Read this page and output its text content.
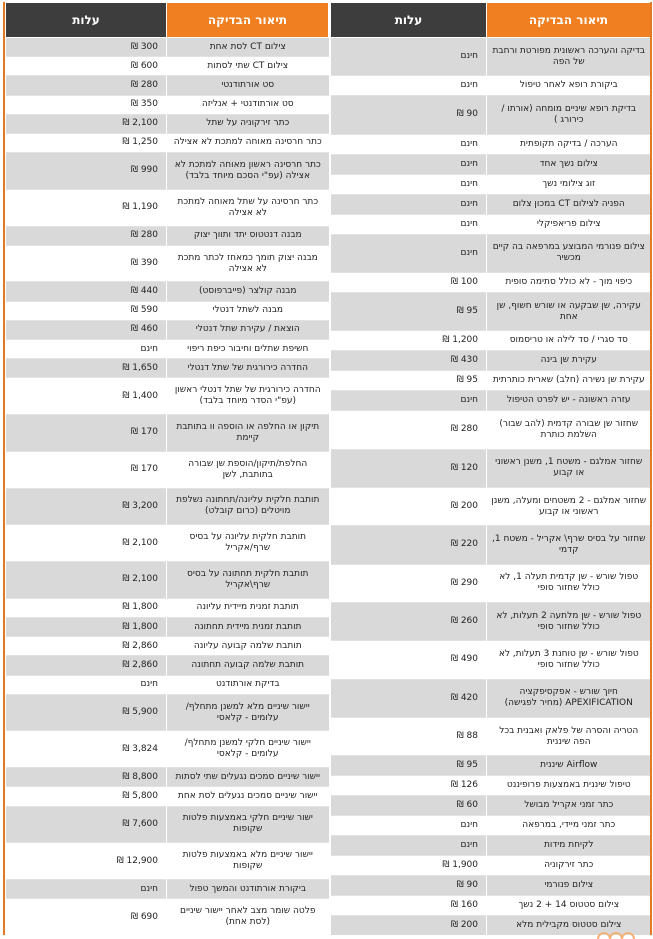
תיאור הבדיקה	עלות
בדיקה והערכה ראשונית מפורטת ורחבת של הפה	חינם
ביקורת רופא לאחר טיפול	חינם
בדיקת רופא שיניים מומחה (אורתו / כירורג )	90 ₪
הערכה / בדיקה תקופתית	חינם
צילום נשך אחד	חינם
זוג צילומי נשך	חינם
הפניה לצילום CT במכון צלום	חינם
צילום פריאפיקלי	חינם
צילום פנורמי המבוצע במרפאה בה קיים מכשיר	חינם
כיפוי מוך - לא כולל סתימה סופית	100 ₪
עקירה, שן שבקעה או שורש חשוף, שן אחת	95 ₪
סד סגרי / סד לילה או טריסמוס	1,200 ₪
עקירת שן בינה	430 ₪
עקירת שן נשירה (חלב) שארית כותרתית	95 ₪
עזרה ראשונה - יש לפרט הטיפול	חינם
שחזור שן שבורה קדמית (להב שבור) השלמת כותרת	280 ₪
שחזור אמלגם - משטח 1, משנן ראשוני או קבוע	120 ₪
שחזור אמלגם - 2 משטחים ומעלה, משנן ראשוני או קבוע	200 ₪
שחזור על בסיס שרף\ אקריל - משטח 1, קדמי	220 ₪
טפול שורש - שן קדמית תעלה 1, לא כולל שחזור סופי	290 ₪
טפול שורש - שן מלתעה 2 תעלות, לא כולל שחזור סופי	260 ₪
טפול שורש - שן טוחנת 3 תעלות, לא כולל שחזור סופי	490 ₪
חיוך שורש - אפקסיפקציה APEXIFICATION (מחיר לפגישה)	420 ₪
הטריה והסרה של פלאק ואבנית בכל הפה שיננית	88 ₪
Airflow שיננית	95 ₪
טיפול שיננית באמצעות פרופיננט	126 ₪
כתר זמני אקריל מבושל	60 ₪
כתר זמני מיידי, במרפאה	חינם
לקיחת מידות	חינם
כתר זירקוניה	1,900 ₪
צילום פנורמי	90 ₪
צילום סטטוס 14 + 2 נשך	160 ₪
צילום סטטוס מקבילית מלא	200 ₪
תיאור הבדיקה	עלות
צילום CT לסת אחת	300 ₪
צילום CT שתי לסתות	600 ₪
סט אורתודנטי	280 ₪
סט אורתודנטי + אנליזה	350 ₪
כתר זירקוניה על שתל	2,100 ₪
כתר חרסינה מאוחה למתכת לא אצילה	1,250 ₪
כתר חרסינה ראשון מאוחה למתכת לא אצילה (עפ"י הסכם מיוחד בלבד)	990 ₪
כתר חרסינה על שתל מאוחה למתכת לא אצילה	1,190 ₪
מבנה דנטטוס יתד ותווך יצוק	280 ₪
מבנה יצוק תומך כמאחז לכתר מתכת לא אצילה	390 ₪
מבנה קולצר (פייברפוסט)	440 ₪
מבנה לשתל דנטלי	590 ₪
הוצאת / עקירת שתל דנטלי	460 ₪
חשיפת שתלים וחיבור כיפת ריפוי	חינם
החדרה כירורגית של שתל דנטלי	1,650 ₪
החדרה כירורגית של שתל דנטלי ראשון (עפ"י הסדר מיוחד בלבד)	1,400 ₪
תיקון או החלפה או הוספה וו בתותבת קיימת	170 ₪
החלפת/תיקון/הוספת שן שבורה בתותבת, לשן	170 ₪
תותבת חלקית עליונה/תחתונה נשלפת מויטלים (כרום קובלט)	3,200 ₪
תותבת חלקית עליונה על בסיס שרף/אקריל	2,100 ₪
תותבת חלקית תחתונה על בסיס שרף\אקריל	2,100 ₪
תותבת זמנית מיידית עליונה	1,800 ₪
תותבת זמנית מיידית תחתונה	1,800 ₪
תותבת שלמה קבועה עליונה	2,860 ₪
תותבת שלמה קבועה תחתונה	2,860 ₪
בדיקת אורתודנט	חינם
יישור שיניים מלא למשנן מתחלף/ עלומים - קלאסי	5,900 ₪
יישור שיניים חלקי למשנן מתחלף/ עלומים - קלאסי	3,824 ₪
יישור שיניים סמכים נגעלים שתי לסתות	8,800 ₪
יישור שיניים סמכים נגעלים לסת אחת	5,800 ₪
ישור שיניים חלקי באמצעות פלטות שקופות	7,600 ₪
יישור שיניים מלא באמצעות פלטות שקופות	12,900 ₪
ביקורת אורתודנט והמשך טפול	חינם
פלטה שומר מצב לאחר יישור שיניים (לסת אחת)	690 ₪
